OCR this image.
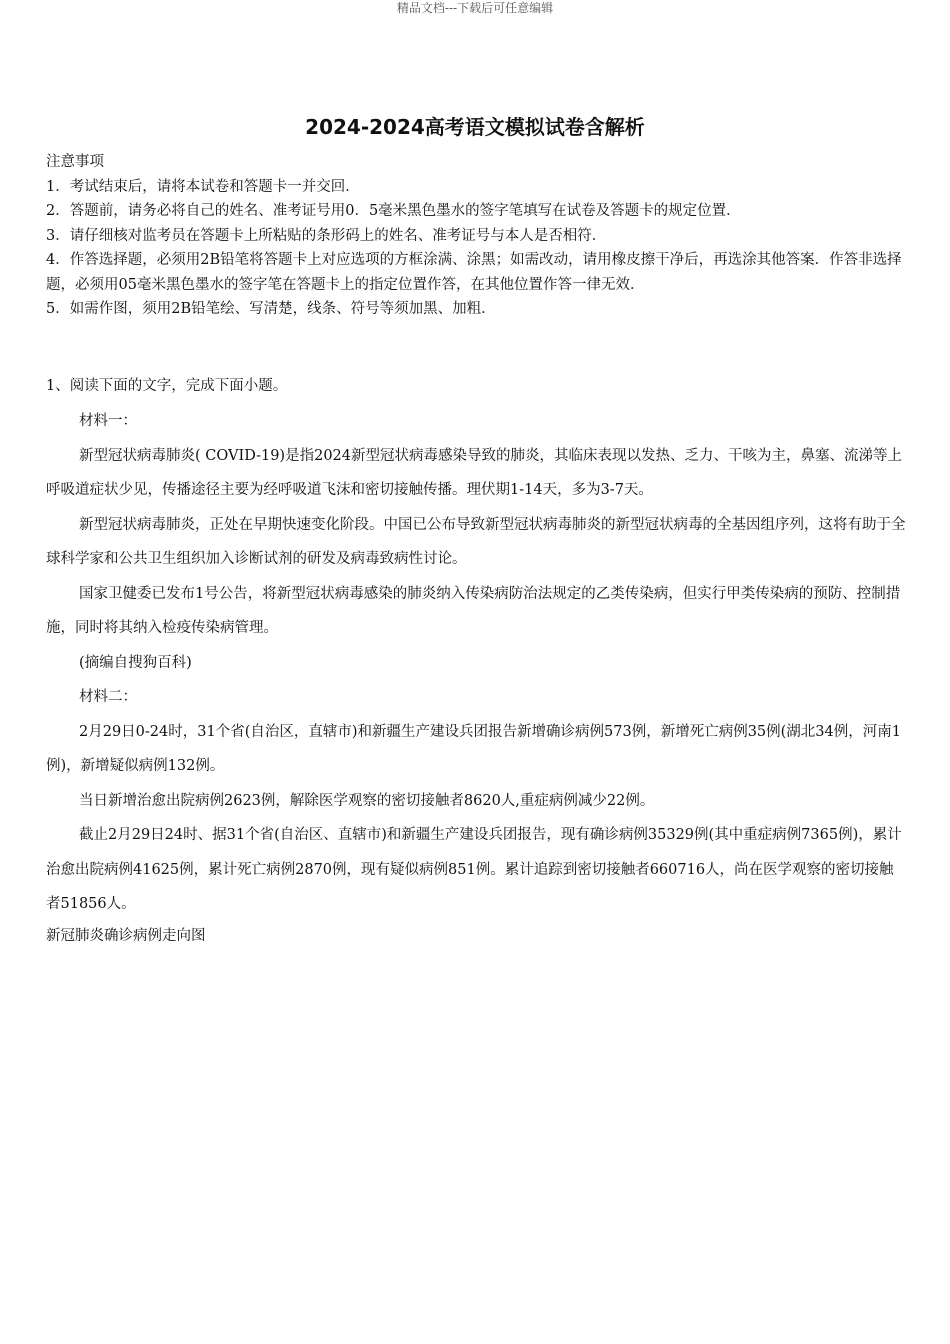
精品文档---下载后可任意编辑
2024-2024高考语文模拟试卷含解析
注意事项
1．考试结束后，请将本试卷和答题卡一并交回．
2．答题前，请务必将自己的姓名、准考证号用0．5毫米黑色墨水的签字笔填写在试卷及答题卡的规定位置．
3．请仔细核对监考员在答题卡上所粘贴的条形码上的姓名、准考证号与本人是否相符．
4．作答选择题，必须用2B铅笔将答题卡上对应选项的方框涂满、涂黑；如需改动，请用橡皮擦干净后，再选涂其他答案．作答非选择题，必须用05毫米黑色墨水的签字笔在答题卡上的指定位置作答，在其他位置作答一律无效．
5．如需作图，须用2B铅笔绘、写清楚，线条、符号等须加黑、加粗．
1、阅读下面的文字，完成下面小题。
材料一：
新型冠状病毒肺炎( COVID-19)是指2024新型冠状病毒感染导致的肺炎，其临床表现以发热、乏力、干咳为主，鼻塞、流涕等上呼吸道症状少见，传播途径主要为经呼吸道飞沫和密切接触传播。理伏期1-14天，多为3-7天。
新型冠状病毒肺炎，正处在早期快速变化阶段。中国已公布导致新型冠状病毒肺炎的新型冠状病毒的全基因组序列，这将有助于全球科学家和公共卫生组织加入诊断试剂的研发及病毒致病性讨论。
国家卫健委已发布1号公告，将新型冠状病毒感染的肺炎纳入传染病防治法规定的乙类传染病，但实行甲类传染病的预防、控制措施，同时将其纳入检疫传染病管理。
(摘编自搜狗百科)
材料二：
2月29日0-24时，31个省(自治区，直辖市)和新疆生产建设兵团报告新增确诊病例573例，新增死亡病例35例(湖北34例，河南1例)，新增疑似病例132例。
当日新增治愈出院病例2623例，解除医学观察的密切接触者8620人,重症病例减少22例。
截止2月29日24时、据31个省(自治区、直辖市)和新疆生产建设兵团报告，现有确诊病例35329例(其中重症病例7365例)，累计治愈出院病例41625例，累计死亡病例2870例，现有疑似病例851例。累计追踪到密切接触者660716人，尚在医学观察的密切接触者51856人。
新冠肺炎确诊病例走向图
